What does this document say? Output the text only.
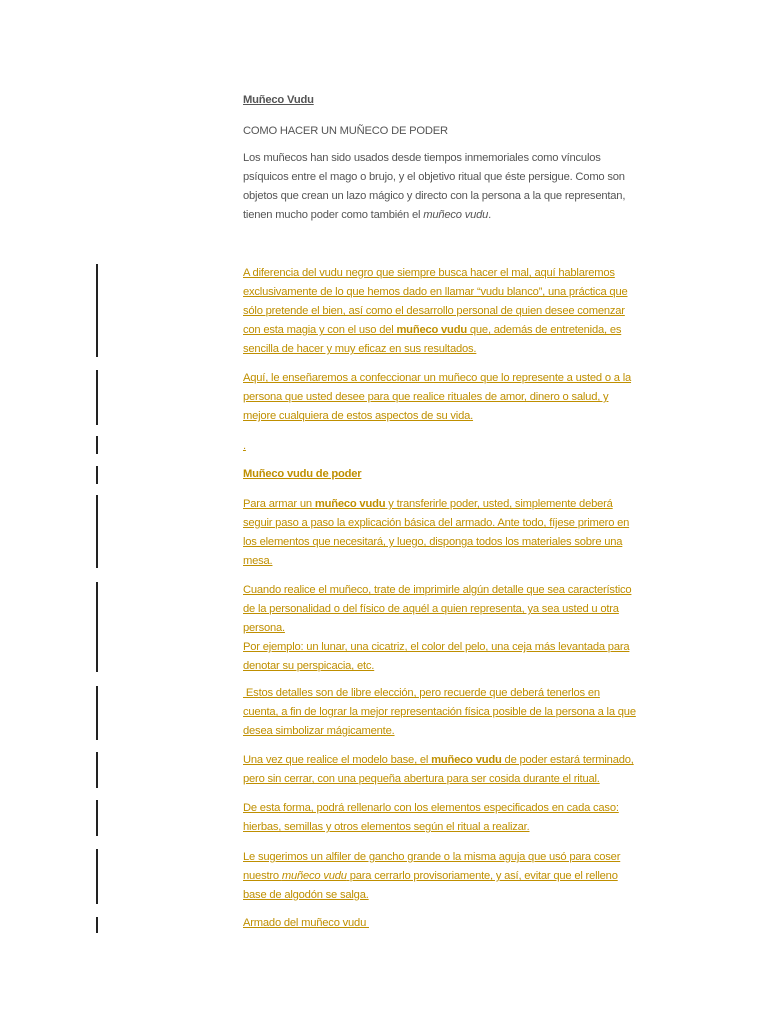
Muñeco Vudu

COMO HACER UN MUÑECO DE PODER

Los muñecos han sido usados desde tiempos inmemoriales como vínculos

psíquicos entre el mago o brujo, y el objetivo ritual que éste persigue. Como son

objetos que crean un lazo mágico y directo con la persona a la que representan,

tienen mucho poder como también el muñeco vudu.

A diferencia del vudu negro que siempre busca hacer el mal, aquí hablaremos

exclusivamente de lo que hemos dado en llamar “vudu blanco”, una práctica que

sólo pretende el bien, así como el desarrollo personal de quien desee comenzar

con esta magia y con el uso del muñeco vudu que, además de entretenida, es

sencilla de hacer y muy eficaz en sus resultados.

Aquí, le enseñaremos a confeccionar un muñeco que lo represente a usted o a la

persona que usted desee para que realice rituales de amor, dinero o salud, y

mejore cualquiera de estos aspectos de su vida.

.

Muñeco vudu de poder

Para armar un muñeco vudu y transferirle poder, usted, simplemente deberá

seguir paso a paso la explicación básica del armado. Ante todo, fíjese primero en

los elementos que necesitará, y luego, disponga todos los materiales sobre una

mesa.

Cuando realice el muñeco, trate de imprimirle algún detalle que sea característico

de la personalidad o del físico de aquél a quien representa, ya sea usted u otra

persona.

Por ejemplo: un lunar, una cicatriz, el color del pelo, una ceja más levantada para

denotar su perspicacia, etc.

Estos detalles son de libre elección, pero recuerde que deberá tenerlos en

cuenta, a fin de lograr la mejor representación física posible de la persona a la que

desea simbolizar mágicamente.

Una vez que realice el modelo base, el muñeco vudu de poder estará terminado,

pero sin cerrar, con una pequeña abertura para ser cosida durante el ritual.

De esta forma, podrá rellenarlo con los elementos especificados en cada caso:

hierbas, semillas y otros elementos según el ritual a realizar.

Le sugerimos un alfiler de gancho grande o la misma aguja que usó para coser

nuestro muñeco vudu para cerrarlo provisoriamente, y así, evitar que el relleno

base de algodón se salga.

Armado del muñeco vudu
